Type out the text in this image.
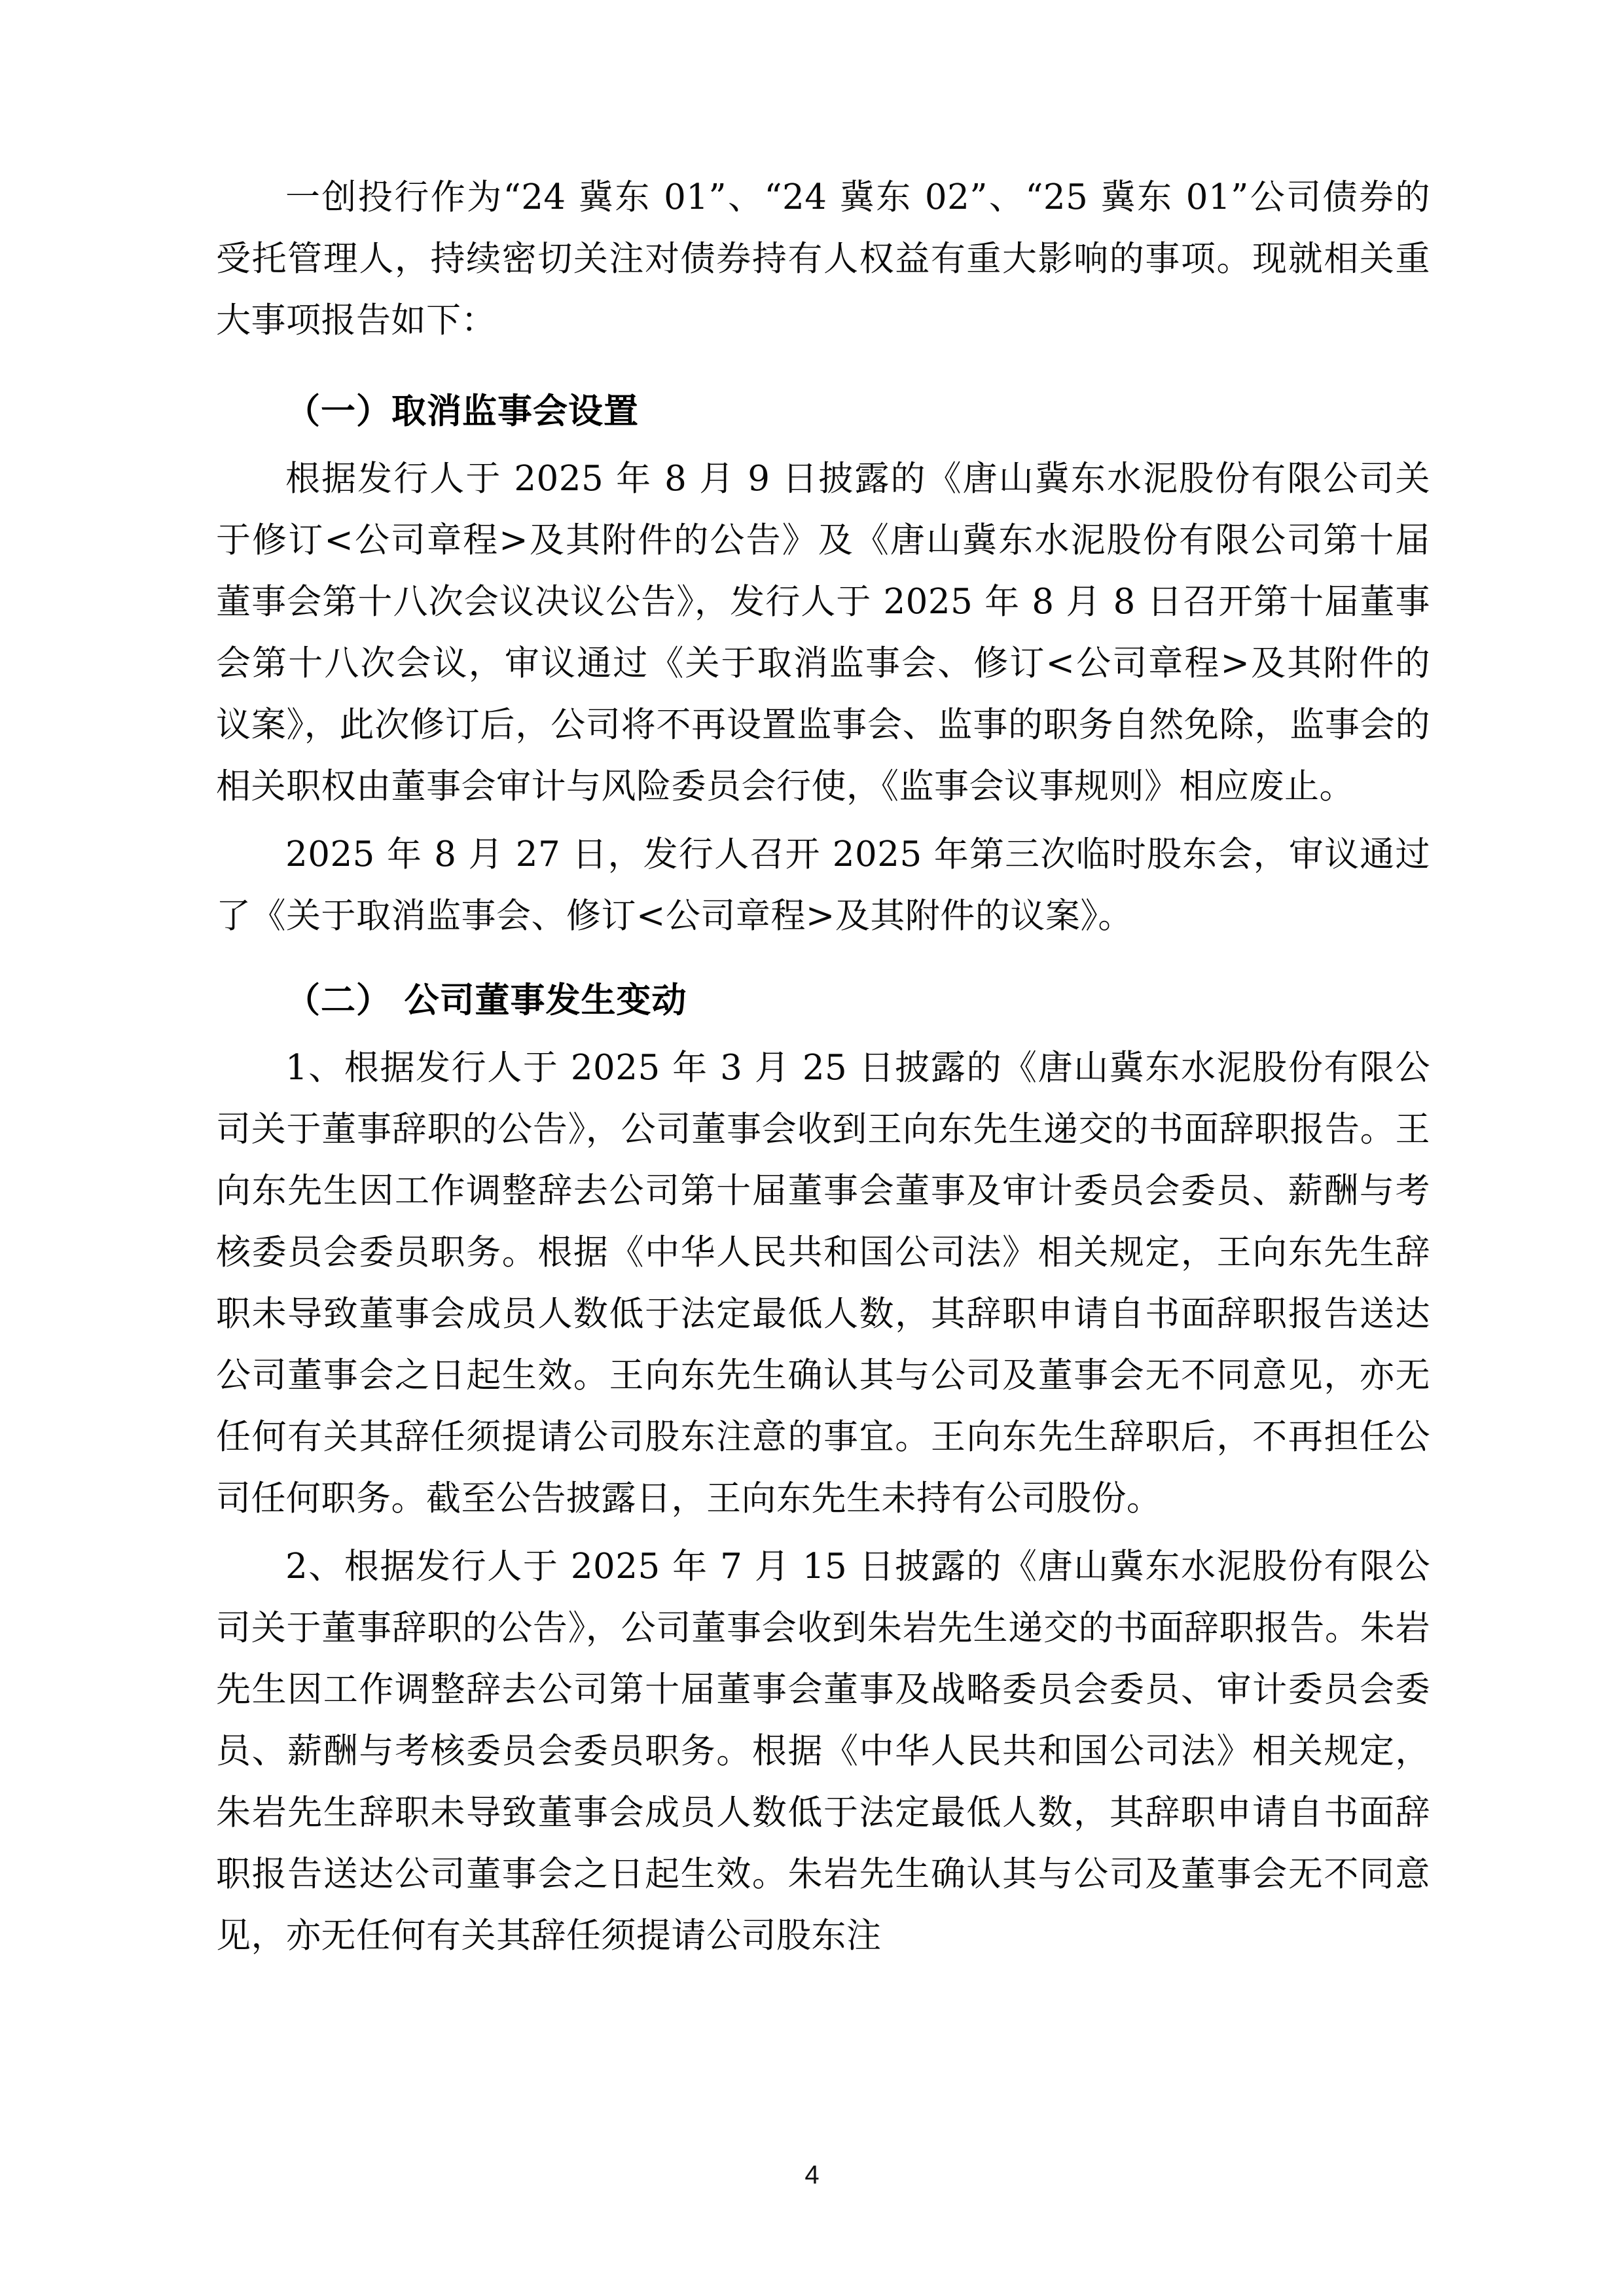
一创投行作为“24 冀东 01”、“24 冀东 02”、“25 冀东 01”公司债券的受托管理人，持续密切关注对债券持有人权益有重大影响的事项。现就相关重大事项报告如下：

（一）取消监事会设置

根据发行人于 2025 年 8 月 9 日披露的《唐山冀东水泥股份有限公司关于修订<公司章程>及其附件的公告》及《唐山冀东水泥股份有限公司第十届董事会第十八次会议决议公告》，发行人于 2025 年 8 月 8 日召开第十届董事会第十八次会议，审议通过《关于取消监事会、修订<公司章程>及其附件的议案》，此次修订后，公司将不再设置监事会、监事的职务自然免除，监事会的相关职权由董事会审计与风险委员会行使，《监事会议事规则》相应废止。

2025 年 8 月 27 日，发行人召开 2025 年第三次临时股东会，审议通过了《关于取消监事会、修订<公司章程>及其附件的议案》。

（二） 公司董事发生变动

1、根据发行人于 2025 年 3 月 25 日披露的《唐山冀东水泥股份有限公司关于董事辞职的公告》，公司董事会收到王向东先生递交的书面辞职报告。王向东先生因工作调整辞去公司第十届董事会董事及审计委员会委员、薪酬与考核委员会委员职务。根据《中华人民共和国公司法》相关规定，王向东先生辞职未导致董事会成员人数低于法定最低人数，其辞职申请自书面辞职报告送达公司董事会之日起生效。王向东先生确认其与公司及董事会无不同意见，亦无任何有关其辞任须提请公司股东注意的事宜。王向东先生辞职后，不再担任公司任何职务。截至公告披露日，王向东先生未持有公司股份。

2、根据发行人于 2025 年 7 月 15 日披露的《唐山冀东水泥股份有限公司关于董事辞职的公告》，公司董事会收到朱岩先生递交的书面辞职报告。朱岩先生因工作调整辞去公司第十届董事会董事及战略委员会委员、审计委员会委员、薪酬与考核委员会委员职务。根据《中华人民共和国公司法》相关规定，朱岩先生辞职未导致董事会成员人数低于法定最低人数，其辞职申请自书面辞职报告送达公司董事会之日起生效。朱岩先生确认其与公司及董事会无不同意见，亦无任何有关其辞任须提请公司股东注

4
